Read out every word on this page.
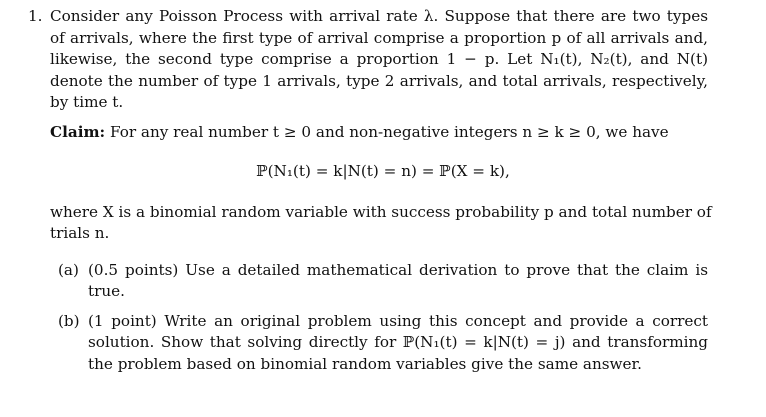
1. Consider any Poisson Process with arrival rate λ. Suppose that there are two types
of arrivals, where the first type of arrival comprise a proportion p of all arrivals and,
likewise, the second type comprise a proportion 1 − p. Let N₁(t), N₂(t), and N(t)
denote the number of type 1 arrivals, type 2 arrivals, and total arrivals, respectively,
by time t.
Claim: For any real number t ≥ 0 and non-negative integers n ≥ k ≥ 0, we have
ℙ(N₁(t) = k|N(t) = n) = ℙ(X = k),
where X is a binomial random variable with success probability p and total number of
trials n.
(a) (0.5 points) Use a detailed mathematical derivation to prove that the claim is
true.
(b) (1 point) Write an original problem using this concept and provide a correct
solution. Show that solving directly for ℙ(N₁(t) = k|N(t) = j) and transforming
the problem based on binomial random variables give the same answer.
